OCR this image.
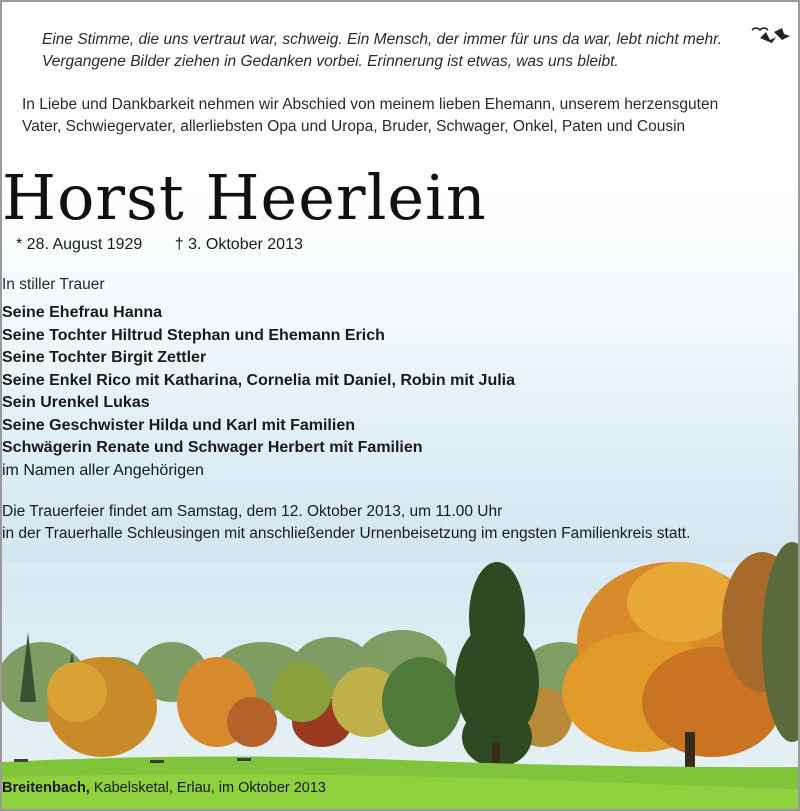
Eine Stimme, die uns vertraut war, schweig. Ein Mensch, der immer für uns da war, lebt nicht mehr.
Vergangene Bilder ziehen in Gedanken vorbei. Erinnerung ist etwas, was uns bleibt.
In Liebe und Dankbarkeit nehmen wir Abschied von meinem lieben Ehemann, unserem herzensguten
Vater, Schwiegervater, allerliebsten Opa und Uropa, Bruder, Schwager, Onkel, Paten und Cousin
Horst Heerlein
* 28. August 1929 † 3. Oktober 2013
In stiller Trauer
Seine Ehefrau Hanna
Seine Tochter Hiltrud Stephan und Ehemann Erich
Seine Tochter Birgit Zettler
Seine Enkel Rico mit Katharina, Cornelia mit Daniel, Robin mit Julia
Sein Urenkel Lukas
Seine Geschwister Hilda und Karl mit Familien
Schwägerin Renate und Schwager Herbert mit Familien
im Namen aller Angehörigen
Die Trauerfeier findet am Samstag, dem 12. Oktober 2013, um 11.00 Uhr
in der Trauerhalle Schleusingen mit anschließender Urnenbeisetzung im engsten Familienkreis statt.
Breitenbach, Kabelsketal, Erlau, im Oktober 2013
